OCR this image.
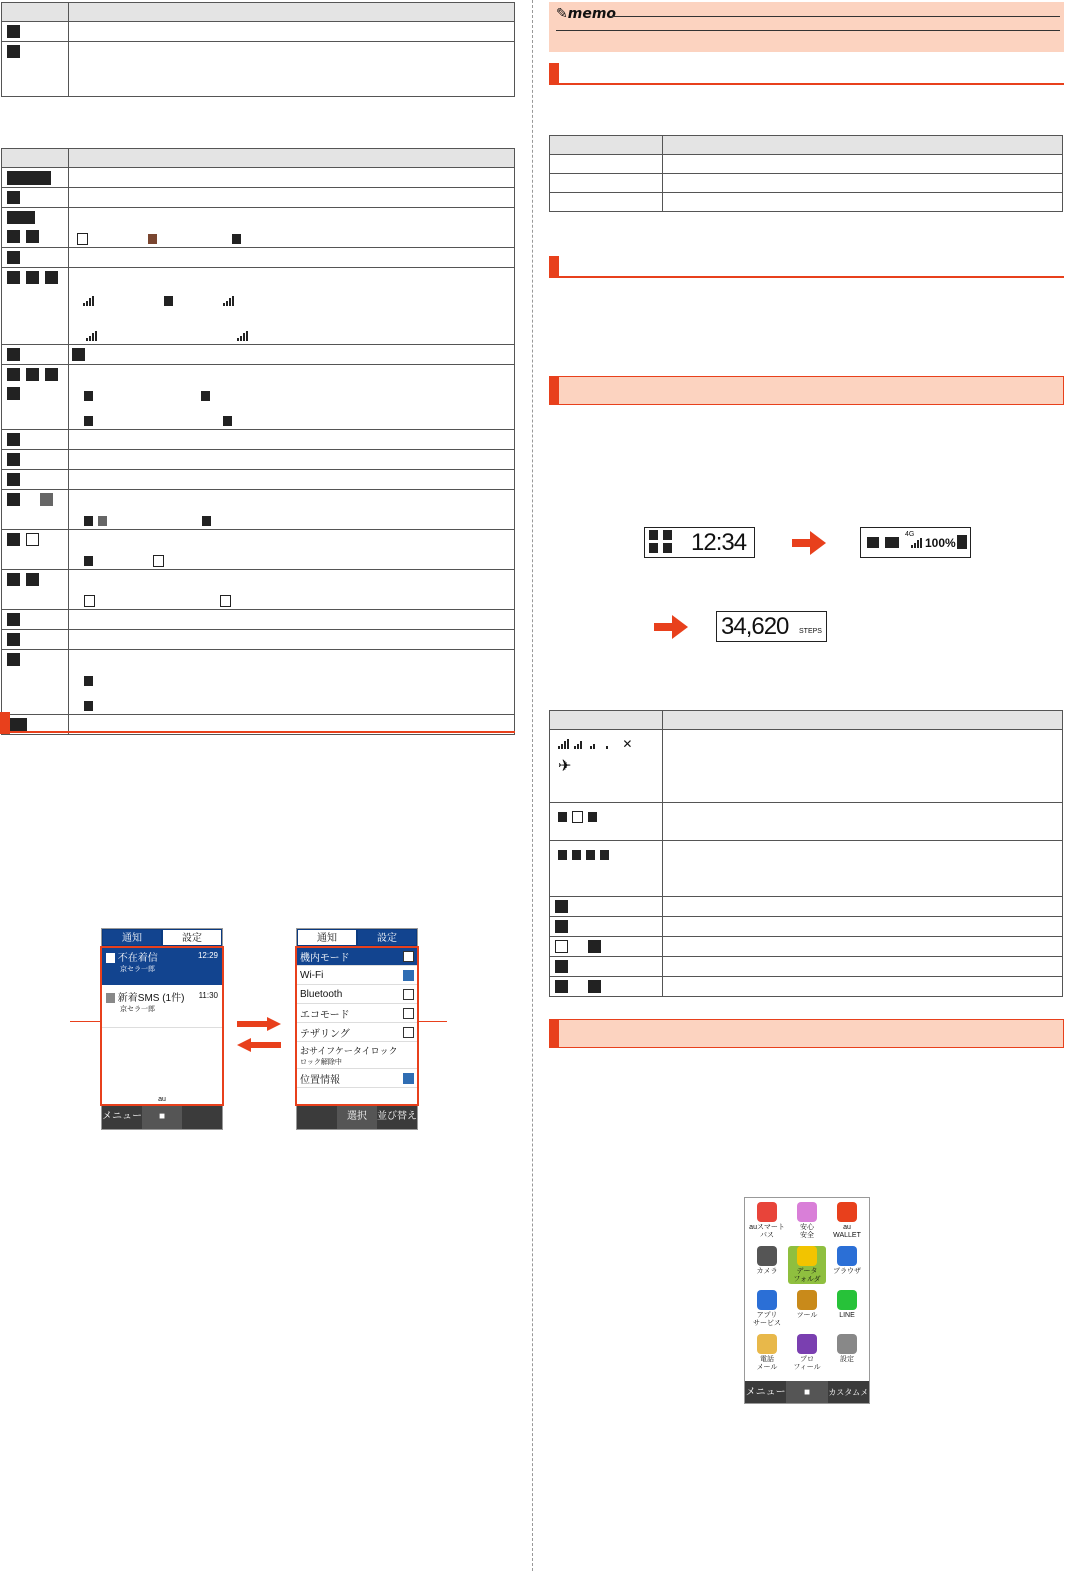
通知	設定
不在着信	12:29
京セラ一郎
新着SMS (1件) 11:30
京セラ一郎
au
メニュー	■
通知	設定
機内モード
Wi-Fi
Bluetooth
エコモード
テザリング
おサイフケータイロック
ロック解除中
位置情報
選択	並び替え
✎memo

12:34	4G
100%
34,620 STEPS

✕
✈	

auスマート
パス
安心
安全
au
WALLET
カメラ	データ
フォルダ
ブラウザ
アプリ
サービス
ツール	LINE
電話
メール
プロ
フィール
設定
メニュー	■	カスタムメニュー
